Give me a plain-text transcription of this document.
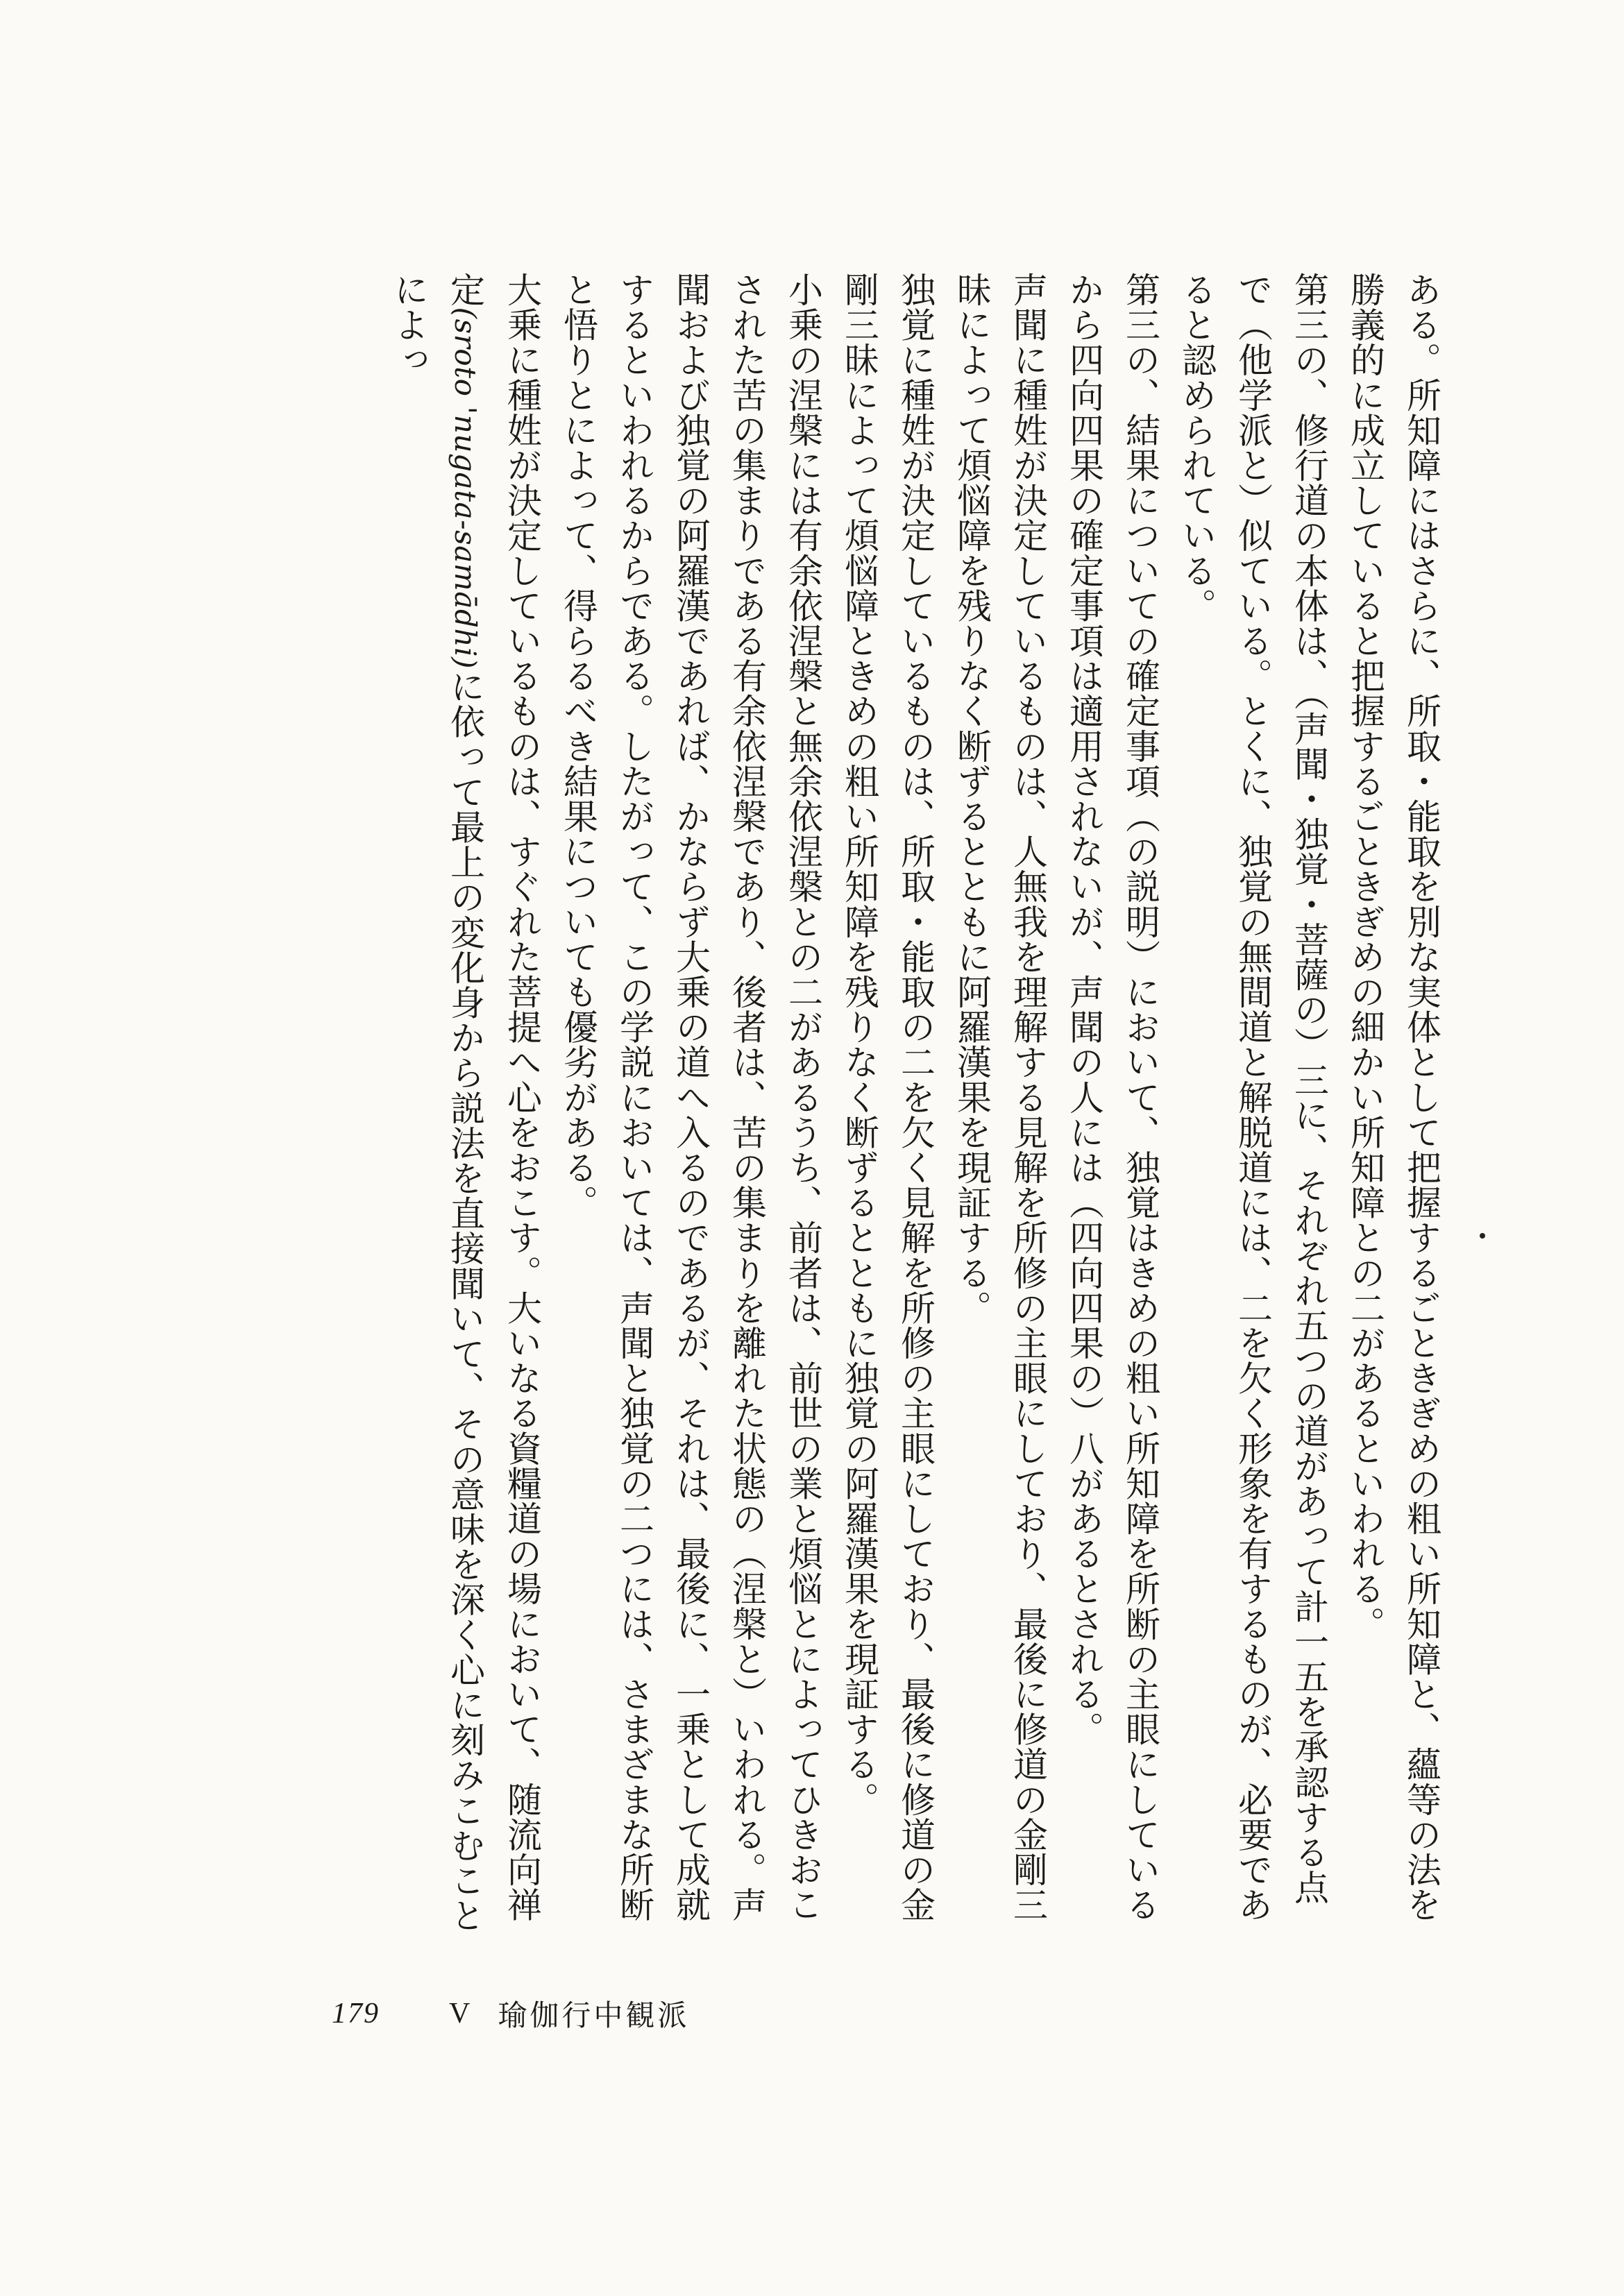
ある。所知障にはさらに、所取・能取を別な実体として把握するごときぎめの粗い所知障と、蘊等の法を勝義的に成立していると把握するごときぎめの細かい所知障との二があるといわれる。

第三の、修行道の本体は、（声聞・独覚・菩薩の）三に、それぞれ五つの道があって計一五を承認する点で（他学派と）似ている。とくに、独覚の無間道と解脱道には、二を欠く形象を有するものが、必要であると認められている。

第三の、結果についての確定事項（の説明）において、独覚はきめの粗い所知障を所断の主眼にしているから四向四果の確定事項は適用されないが、声聞の人には（四向四果の）八があるとされる。

声聞に種姓が決定しているものは、人無我を理解する見解を所修の主眼にしており、最後に修道の金剛三昧によって煩悩障を残りなく断ずるとともに阿羅漢果を現証する。

独覚に種姓が決定しているものは、所取・能取の二を欠く見解を所修の主眼にしており、最後に修道の金剛三昧によって煩悩障ときめの粗い所知障を残りなく断ずるとともに独覚の阿羅漢果を現証する。

小乗の涅槃には有余依涅槃と無余依涅槃との二があるうち、前者は、前世の業と煩悩とによってひきおこされた苦の集まりである有余依涅槃であり、後者は、苦の集まりを離れた状態の（涅槃と）いわれる。声聞および独覚の阿羅漢であれば、かならず大乗の道へ入るのであるが、それは、最後に、一乗として成就するといわれるからである。したがって、この学説においては、声聞と独覚の二つには、さまざまな所断と悟りとによって、得らるべき結果についても優劣がある。

大乗に種姓が決定しているものは、すぐれた菩提へ心をおこす。大いなる資糧道の場において、随流向禅定(sroto 'nugata-samādhi)に依って最上の変化身から説法を直接聞いて、その意味を深く心に刻みこむことによっ

179 V 瑜伽行中観派
